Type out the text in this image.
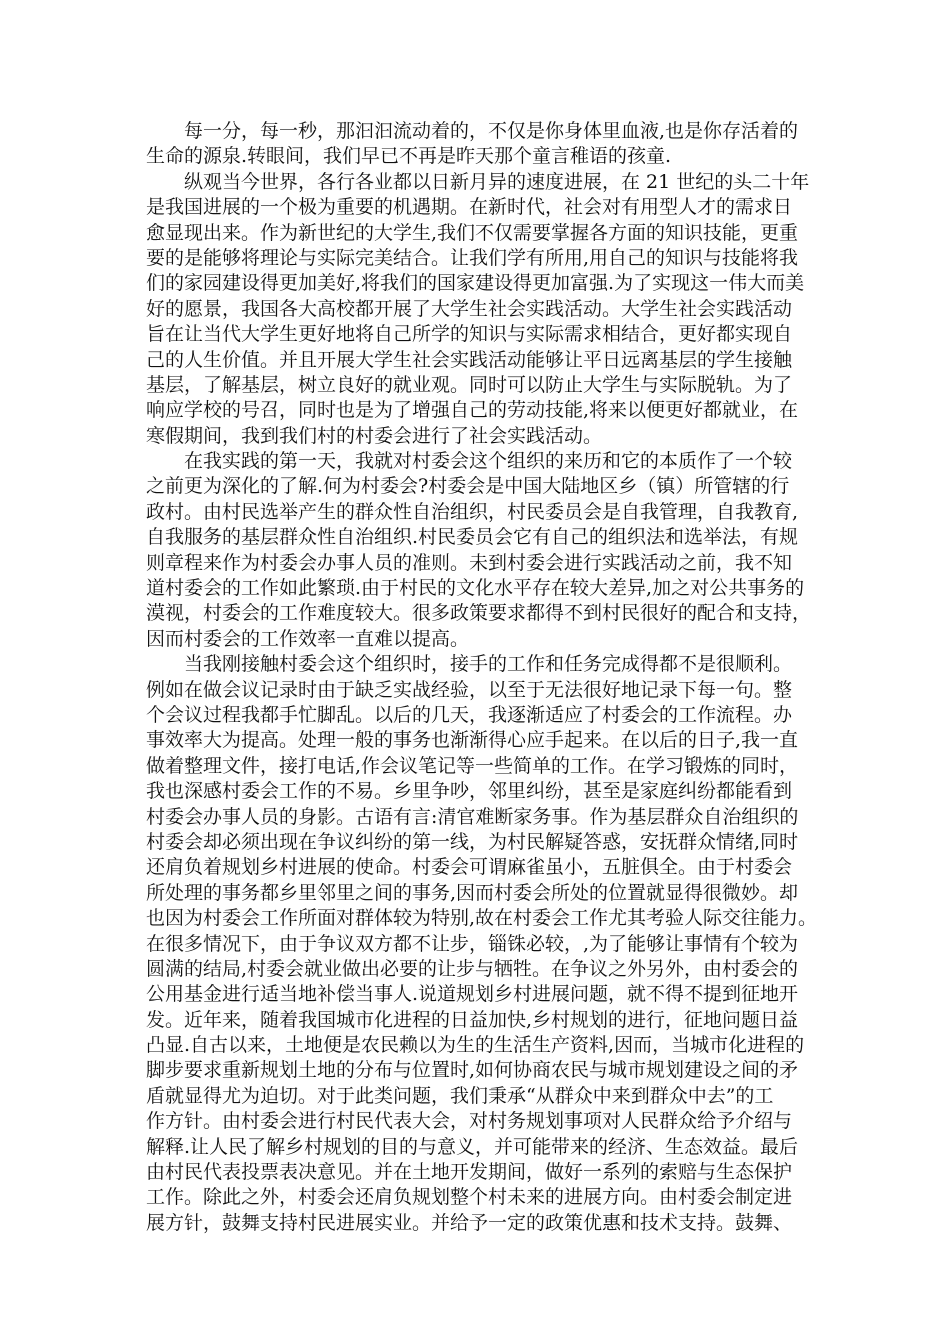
每一分，每一秒，那汩汩流动着的，不仅是你身体里血液,也是你存活着的
生命的源泉.转眼间，我们早已不再是昨天那个童言稚语的孩童.
纵观当今世界，各行各业都以日新月异的速度进展，在 21 世纪的头二十年
是我国进展的一个极为重要的机遇期。在新时代，社会对有用型人才的需求日
愈显现出来。作为新世纪的大学生,我们不仅需要掌握各方面的知识技能，更重
要的是能够将理论与实际完美结合。让我们学有所用,用自己的知识与技能将我
们的家园建设得更加美好,将我们的国家建设得更加富强.为了实现这一伟大而美
好的愿景，我国各大高校都开展了大学生社会实践活动。大学生社会实践活动
旨在让当代大学生更好地将自己所学的知识与实际需求相结合，更好都实现自
己的人生价值。并且开展大学生社会实践活动能够让平日远离基层的学生接触
基层，了解基层，树立良好的就业观。同时可以防止大学生与实际脱轨。为了
响应学校的号召，同时也是为了增强自己的劳动技能,将来以便更好都就业，在
寒假期间，我到我们村的村委会进行了社会实践活动。
在我实践的第一天，我就对村委会这个组织的来历和它的本质作了一个较
之前更为深化的了解.何为村委会?村委会是中国大陆地区乡（镇）所管辖的行
政村。由村民选举产生的群众性自治组织，村民委员会是自我管理，自我教育,
自我服务的基层群众性自治组织.村民委员会它有自己的组织法和选举法，有规
则章程来作为村委会办事人员的准则。未到村委会进行实践活动之前，我不知
道村委会的工作如此繁琐.由于村民的文化水平存在较大差异,加之对公共事务的
漠视，村委会的工作难度较大。很多政策要求都得不到村民很好的配合和支持，
因而村委会的工作效率一直难以提高。
当我刚接触村委会这个组织时，接手的工作和任务完成得都不是很顺利。
例如在做会议记录时由于缺乏实战经验，以至于无法很好地记录下每一句。整
个会议过程我都手忙脚乱。以后的几天，我逐渐适应了村委会的工作流程。办
事效率大为提高。处理一般的事务也渐渐得心应手起来。在以后的日子,我一直
做着整理文件，接打电话,作会议笔记等一些简单的工作。在学习锻炼的同时，
我也深感村委会工作的不易。乡里争吵，邻里纠纷，甚至是家庭纠纷都能看到
村委会办事人员的身影。古语有言:清官难断家务事。作为基层群众自治组织的
村委会却必须出现在争议纠纷的第一线，为村民解疑答惑，安抚群众情绪,同时
还肩负着规划乡村进展的使命。村委会可谓麻雀虽小，五脏俱全。由于村委会
所处理的事务都乡里邻里之间的事务,因而村委会所处的位置就显得很微妙。却
也因为村委会工作所面对群体较为特别,故在村委会工作尤其考验人际交往能力。
在很多情况下，由于争议双方都不让步，锱铢必较，,为了能够让事情有个较为
圆满的结局,村委会就业做出必要的让步与牺牲。在争议之外另外，由村委会的
公用基金进行适当地补偿当事人.说道规划乡村进展问题，就不得不提到征地开
发。近年来，随着我国城市化进程的日益加快,乡村规划的进行，征地问题日益
凸显.自古以来，土地便是农民赖以为生的生活生产资料,因而，当城市化进程的
脚步要求重新规划土地的分布与位置时,如何协商农民与城市规划建设之间的矛
盾就显得尤为迫切。对于此类问题，我们秉承“从群众中来到群众中去”的工
作方针。由村委会进行村民代表大会，对村务规划事项对人民群众给予介绍与
解释.让人民了解乡村规划的目的与意义，并可能带来的经济、生态效益。最后
由村民代表投票表决意见。并在土地开发期间，做好一系列的索赔与生态保护
工作。除此之外，村委会还肩负规划整个村未来的进展方向。由村委会制定进
展方针，鼓舞支持村民进展实业。并给予一定的政策优惠和技术支持。鼓舞、
